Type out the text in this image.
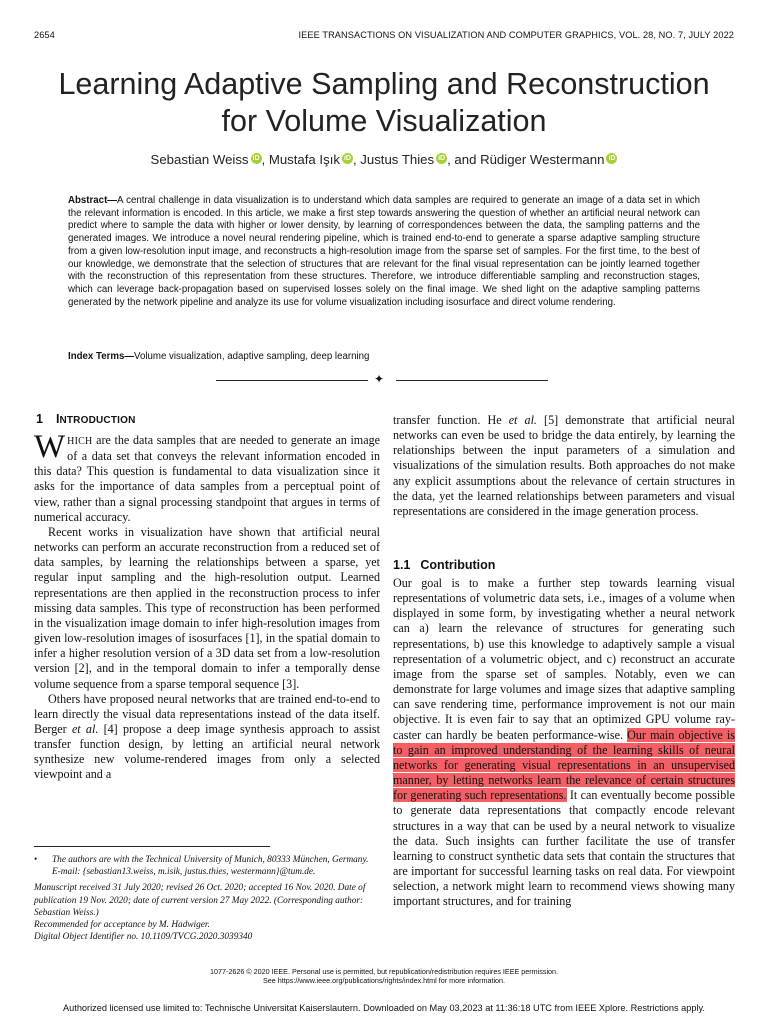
2654	IEEE TRANSACTIONS ON VISUALIZATION AND COMPUTER GRAPHICS, VOL. 28, NO. 7, JULY 2022
Learning Adaptive Sampling and Reconstruction
for Volume Visualization
Sebastian Weiss iD , Mustafa Işık iD , Justus Thies iD , and Rüdiger Westermann iD
Abstract—A central challenge in data visualization is to understand which data samples are required to generate an image of a data set in which the relevant information is encoded. In this article, we make a first step towards answering the question of whether an artificial neural network can predict where to sample the data with higher or lower density, by learning of correspondences between the data, the sampling patterns and the generated images. We introduce a novel neural rendering pipeline, which is trained end-to-end to generate a sparse adaptive sampling structure from a given low-resolution input image, and reconstructs a high-resolution image from the sparse set of samples. For the first time, to the best of our knowledge, we demonstrate that the selection of structures that are relevant for the final visual representation can be jointly learned together with the reconstruction of this representation from these structures. Therefore, we introduce differentiable sampling and reconstruction stages, which can leverage back-propagation based on supervised losses solely on the final image. We shed light on the adaptive sampling patterns generated by the network pipeline and analyze its use for volume visualization including isosurface and direct volume rendering.
Index Terms—Volume visualization, adaptive sampling, deep learning
✦
1 INTRODUCTION

WHICH are the data samples that are needed to generate an image of a data set that conveys the relevant information encoded in this data? This question is fundamental to data visualization since it asks for the importance of data samples from a perceptual point of view, rather than a signal processing standpoint that argues in terms of numerical accuracy.

Recent works in visualization have shown that artificial neural networks can perform an accurate reconstruction from a reduced set of data samples, by learning the relationships between a sparse, yet regular input sampling and the high-resolution output. Learned representations are then applied in the reconstruction process to infer missing data samples. This type of reconstruction has been performed in the visualization image domain to infer high-resolution images from given low-resolution images of isosurfaces [1], in the spatial domain to infer a higher resolution version of a 3D data set from a low-resolution version [2], and in the temporal domain to infer a temporally dense volume sequence from a sparse temporal sequence [3].

Others have proposed neural networks that are trained end-to-end to learn directly the visual data representations instead of the data itself. Berger et al. [4] propose a deep image synthesis approach to assist transfer function design, by letting an artificial neural network synthesize new volume-rendered images from only a selected viewpoint and a

transfer function. He et al. [5] demonstrate that artificial neural networks can even be used to bridge the data entirely, by learning the relationships between the input parameters of a simulation and visualizations of the simulation results. Both approaches do not make any explicit assumptions about the relevance of certain structures in the data, yet the learned relationships between parameters and visual representations are considered in the image generation process.

1.1 Contribution

Our goal is to make a further step towards learning visual representations of volumetric data sets, i.e., images of a volume when displayed in some form, by investigating whether a neural network can a) learn the relevance of structures for generating such representations, b) use this knowledge to adaptively sample a visual representation of a volumetric object, and c) reconstruct an accurate image from the sparse set of samples. Notably, even we can demonstrate for large volumes and image sizes that adaptive sampling can save rendering time, performance improvement is not our main objective. It is even fair to say that an optimized GPU volume ray-caster can hardly be beaten performance-wise. Our main objective is to gain an improved understanding of the learning skills of neural networks for generating visual representations in an unsupervised manner, by letting networks learn the relevance of certain structures for generating such representations. It can eventually become possible to generate data representations that compactly encode relevant structures in a way that can be used by a neural network to visualize the data. Such insights can further facilitate the use of transfer learning to construct synthetic data sets that contain the structures that are important for successful learning tasks on real data. For viewpoint selection, a network might learn to recommend views showing many important structures, and for training

• The authors are with the Technical University of Munich, 80333 München, Germany.
E-mail: {sebastian13.weiss, m.isik, justus.thies, westermann}@tum.de.
Manuscript received 31 July 2020; revised 26 Oct. 2020; accepted 16 Nov. 2020. Date of publication 19 Nov. 2020; date of current version 27 May 2022. (Corresponding author: Sebastian Weiss.)
Recommended for acceptance by M. Hadwiger.
Digital Object Identifier no. 10.1109/TVCG.2020.3039340
1077-2626 © 2020 IEEE. Personal use is permitted, but republication/redistribution requires IEEE permission.
See https://www.ieee.org/publications/rights/index.html for more information.
Authorized licensed use limited to: Technische Universitat Kaiserslautern. Downloaded on May 03,2023 at 11:36:18 UTC from IEEE Xplore. Restrictions apply.
